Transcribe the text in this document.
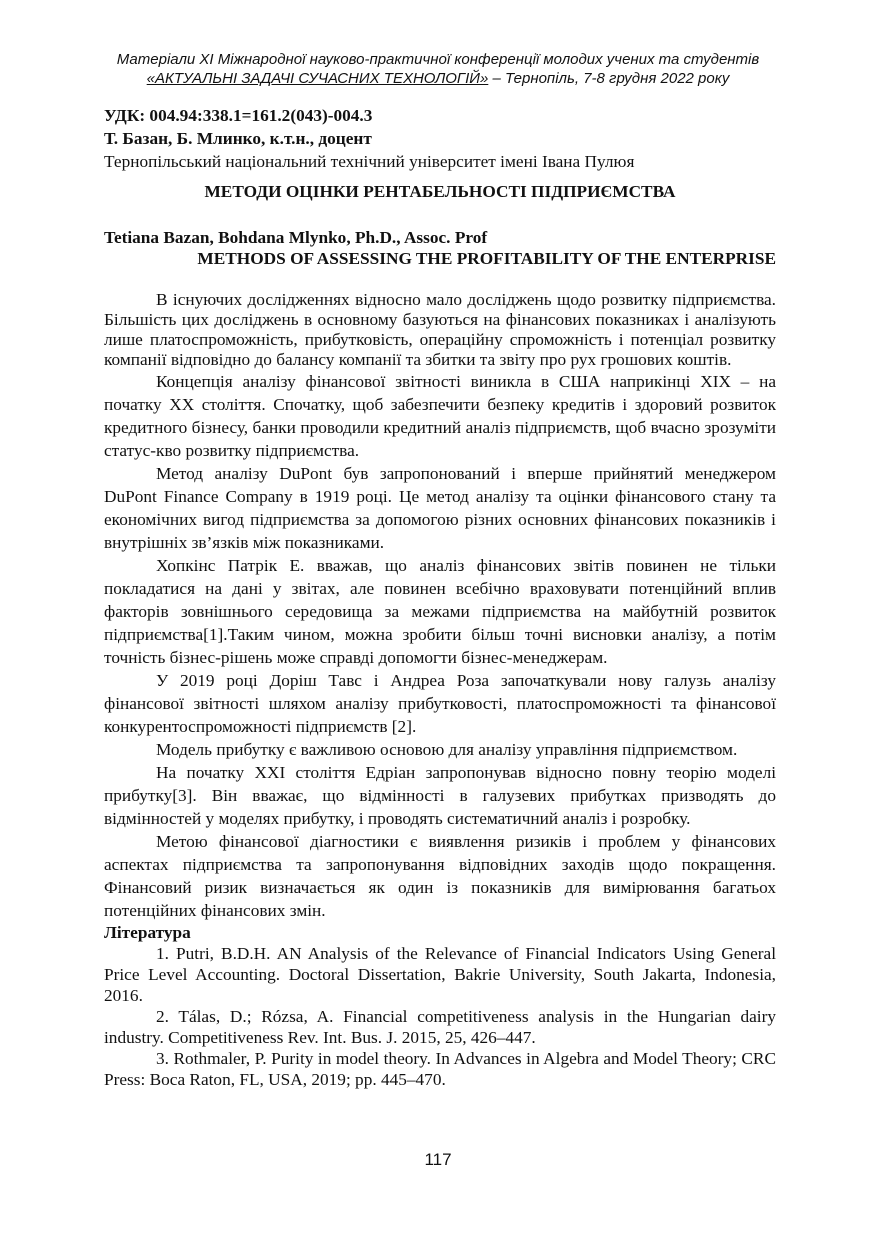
Матеріали XI Міжнародної науково-практичної конференції молодих учених та студентів
«АКТУАЛЬНІ ЗАДАЧІ СУЧАСНИХ ТЕХНОЛОГІЙ» – Тернопіль, 7-8 грудня 2022 року
УДК: 004.94:338.1=161.2(043)-004.3
Т. Базан, Б. Млинко, к.т.н., доцент
Тернопільський національний технічний університет імені Івана Пулюя
МЕТОДИ ОЦІНКИ РЕНТАБЕЛЬНОСТІ ПІДПРИЄМСТВА
Tetiana Bazan, Bohdana Mlynko, Ph.D., Assoc. Prof
METHODS OF ASSESSING THE PROFITABILITY OF THE ENTERPRISE

В існуючих дослідженнях відносно мало досліджень щодо розвитку підприємства. Більшість цих досліджень в основному базуються на фінансових показниках і аналізують лише платоспроможність, прибутковість, операційну спроможність і потенціал розвитку компанії відповідно до балансу компанії та збитки та звіту про рух грошових коштів.

Концепція аналізу фінансової звітності виникла в США наприкінці XIX – на початку XX століття. Спочатку, щоб забезпечити безпеку кредитів і здоровий розвиток кредитного бізнесу, банки проводили кредитний аналіз підприємств, щоб вчасно зрозуміти статус-кво розвитку підприємства.

Метод аналізу DuPont був запропонований і вперше прийнятий менеджером DuPont Finance Company в 1919 році. Це метод аналізу та оцінки фінансового стану та економічних вигод підприємства за допомогою різних основних фінансових показників і внутрішніх зв’язків між показниками.

Хопкінс Патрік Е. вважав, що аналіз фінансових звітів повинен не тільки покладатися на дані у звітах, але повинен всебічно враховувати потенційний вплив факторів зовнішнього середовища за межами підприємства на майбутній розвиток підприємства[1].Таким чином, можна зробити більш точні висновки аналізу, а потім точність бізнес-рішень може справді допомогти бізнес-менеджерам.

У 2019 році Доріш Тавс і Андреа Роза започаткували нову галузь аналізу фінансової звітності шляхом аналізу прибутковості, платоспроможності та фінансової конкурентоспроможності підприємств [2].

Модель прибутку є важливою основою для аналізу управління підприємством.

На початку XXI століття Едріан запропонував відносно повну теорію моделі прибутку[3]. Він вважає, що відмінності в галузевих прибутках призводять до відмінностей у моделях прибутку, і проводять систематичний аналіз і розробку.

Метою фінансової діагностики є виявлення ризиків і проблем у фінансових аспектах підприємства та запропонування відповідних заходів щодо покращення. Фінансовий ризик визначається як один із показників для вимірювання багатьох потенційних фінансових змін.

Література

1. Putri, B.D.H. AN Analysis of the Relevance of Financial Indicators Using General Price Level Accounting. Doctoral Dissertation, Bakrie University, South Jakarta, Indonesia, 2016.

2. Tálas, D.; Rózsa, A. Financial competitiveness analysis in the Hungarian dairy industry. Competitiveness Rev. Int. Bus. J. 2015, 25, 426–447.

3. Rothmaler, P. Purity in model theory. In Advances in Algebra and Model Theory; CRC Press: Boca Raton, FL, USA, 2019; pp. 445–470.

117
